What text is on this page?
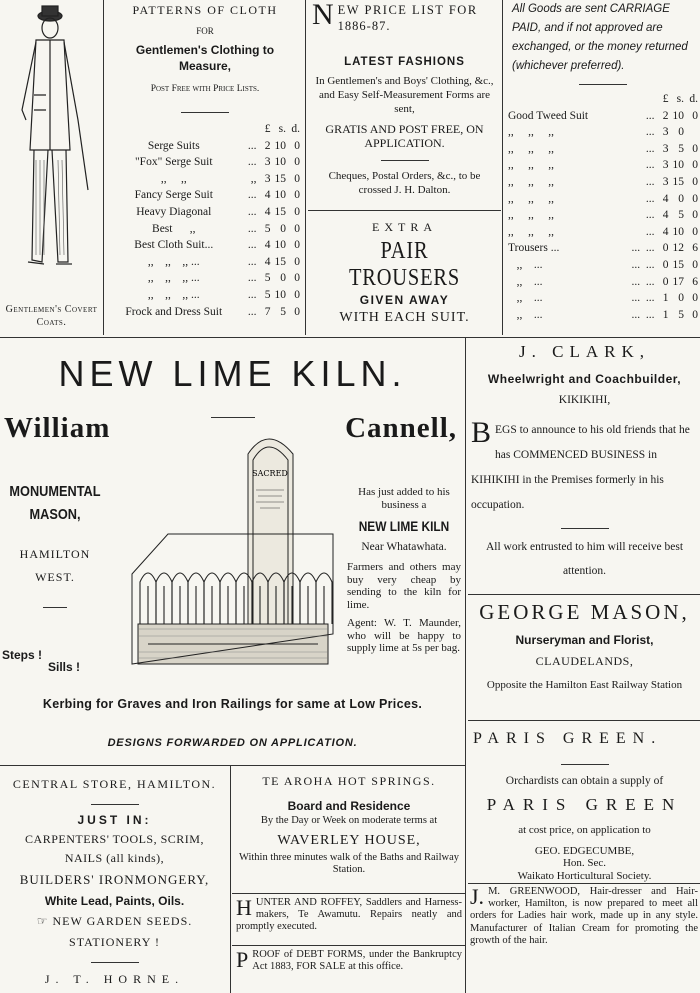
Gentlemen's Covert Coats.
PATTERNS OF CLOTH
FOR
Gentlemen's Clothing to Measure,
Post Free with Price Lists.
		£	s.	d.
Serge Suits	...	2	10	0
"Fox" Serge Suit	...	3	10	0
,,     ,,	,,	3	15	0
Fancy Serge Suit	...	4	10	0
Heavy Diagonal	...	4	15	0
Best      ,,	...	5	0	0
Best Cloth Suit...	...	4	10	0
,,    ,,    ,, ...	...	4	15	0
,,    ,,    ,, ...	...	5	0	0
,,    ,,    ,, ...	...	5	10	0
Frock and Dress Suit	...	7	5	0
N EW PRICE LIST FOR
1886-87.
LATEST FASHIONS
In Gentlemen's and Boys' Clothing, &c., and Easy Self-Measurement Forms are sent,
GRATIS AND POST FREE, ON APPLICATION.
Cheques, Postal Orders, &c., to be crossed J. H. Dalton.
EXTRA
PAIR TROUSERS
GIVEN AWAY
WITH EACH SUIT.
All Goods are sent CARRIAGE PAID, and if not approved are exchanged, or the money returned (whichever preferred).
		£	s.	d.
Good Tweed Suit	...	2	10	0
,,     ,,     ,,	...	3	0	
,,     ,,     ,,	...	3	5	0
,,     ,,     ,,	...	3	10	0
,,     ,,     ,,	...	3	15	0
,,     ,,     ,,	...	4	0	0
,,     ,,     ,,	...	4	5	0
,,     ,,     ,,	...	4	10	0
Trousers ...	...  ...	0	12	6
,,    ...	...  ...	0	15	0
,,    ...	...  ...	0	17	6
,,    ...	...  ...	1	0	0
,,    ...	...  ...	1	5	0
NEW LIME KILN.
William	Cannell,
MONUMENTAL
MASON,
HAMILTON
WEST.
Steps !
Sills !
SACRED
Has just added to his business a
NEW LIME KILN
Near Whatawhata.
Farmers and others may buy very cheap by sending to the kiln for lime.
Agent: W. T. Maunder, who will be happy to supply lime at 5s per bag.
Kerbing for Graves and Iron Railings for same at Low Prices.
DESIGNS FORWARDED ON APPLICATION.
J. CLARK,
Wheelwright and Coachbuilder,
KIKIKIHI,
B EGS to announce to his old friends that he has COMMENCED BUSINESS in KIHIKIHI in the Premises formerly in his occupation.
All work entrusted to him will receive best attention.
GEORGE MASON,
Nurseryman and Florist,
CLAUDELANDS,
Opposite the Hamilton East Railway Station
PARIS GREEN.
Orchardists can obtain a supply of
PARIS GREEN
at cost price, on application to
GEO. EDGECUMBE,
Hon. Sec.
Waikato Horticultural Society.
J. M. GREENWOOD, Hair-dresser and Hair-worker, Hamilton, is now prepared to meet all orders for Ladies hair work, made up in any style. Manufacturer of Italian Cream for promoting the growth of the hair.
CENTRAL STORE, HAMILTON.
JUST IN:
CARPENTERS' TOOLS, SCRIM,
NAILS (all kinds),
BUILDERS' IRONMONGERY,
White Lead, Paints, Oils.
☞ NEW GARDEN SEEDS.
STATIONERY !
J. T. HORNE.
TE AROHA HOT SPRINGS.
Board and Residence
By the Day or Week on moderate terms at
WAVERLEY HOUSE,
Within three minutes walk of the Baths and Railway Station.
H UNTER AND ROFFEY, Saddlers and Harness-makers, Te Awamutu. Repairs neatly and promptly executed.
P ROOF of DEBT FORMS, under the Bankruptcy Act 1883, FOR SALE at this office.
